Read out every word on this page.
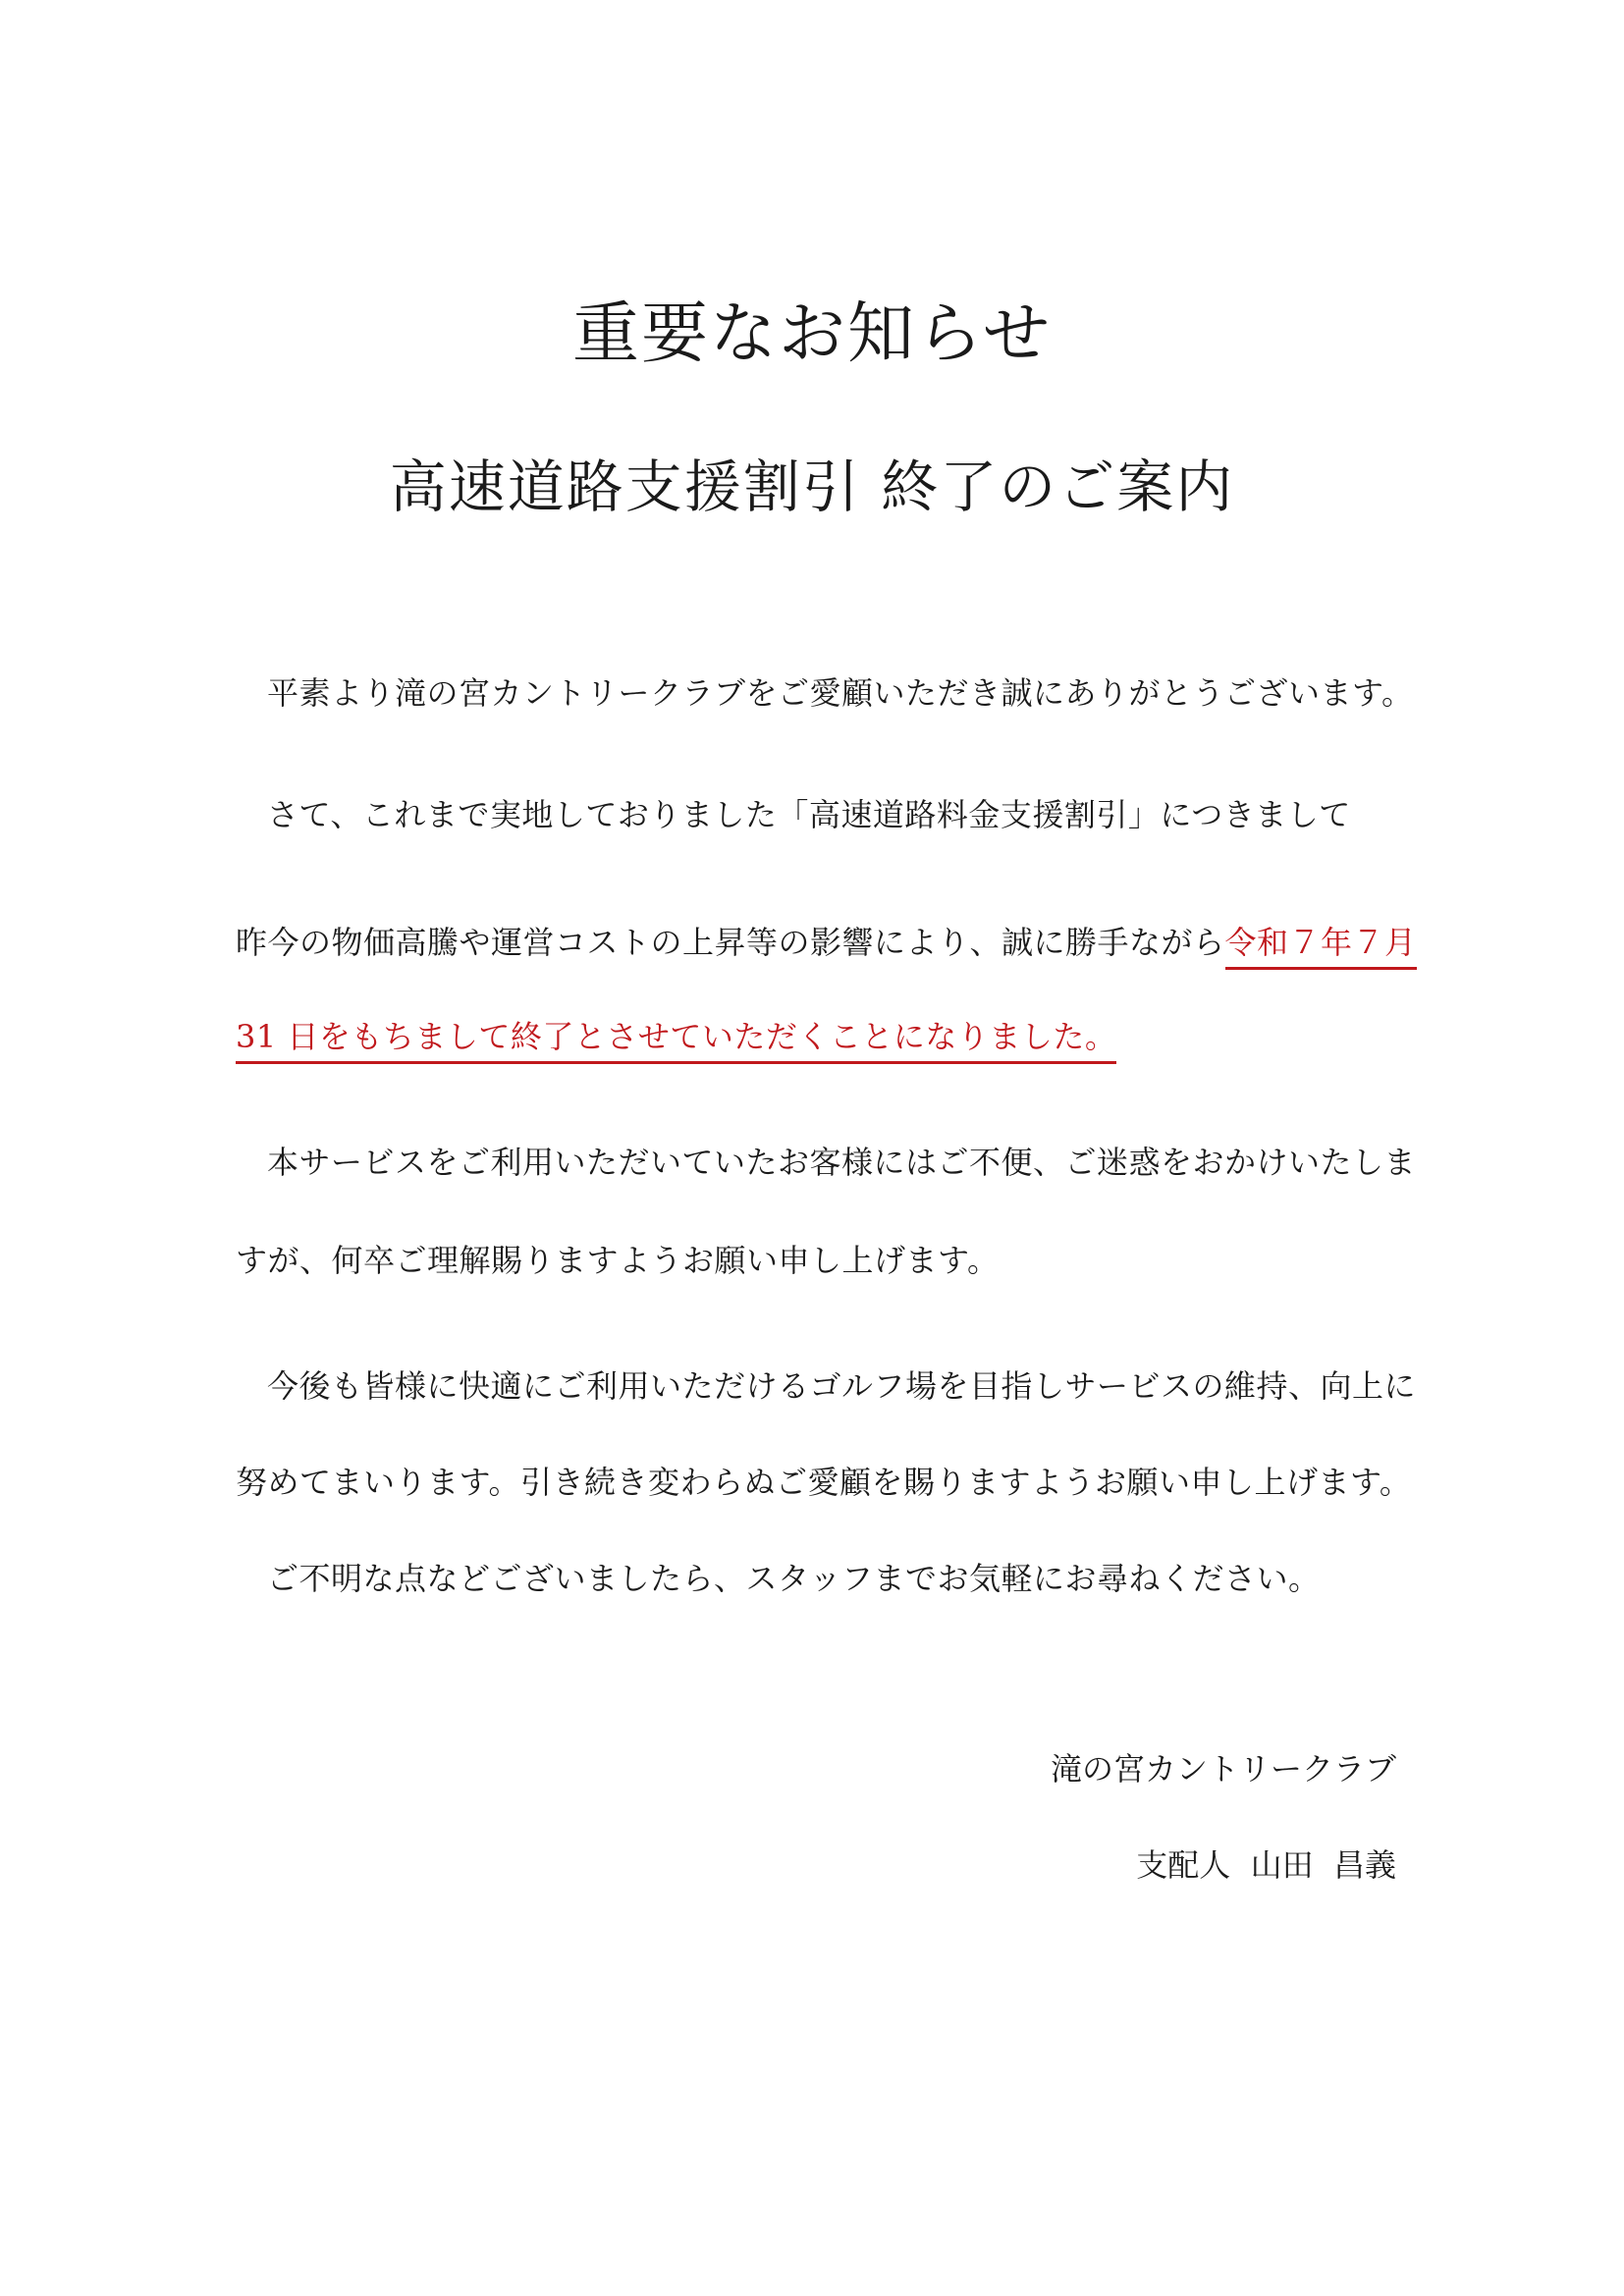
重要なお知らせ
高速道路支援割引 終了のご案内
平素より滝の宮カントリークラブをご愛顧いただき誠にありがとうございます。
さて、これまで実地しておりました「高速道路料金支援割引」につきまして
昨今の物価高騰や運営コストの上昇等の影響により、誠に勝手ながら令和７年７月
31 日をもちまして終了とさせていただくことになりました。
本サービスをご利用いただいていたお客様にはご不便、ご迷惑をおかけいたしま
すが、何卒ご理解賜りますようお願い申し上げます。
今後も皆様に快適にご利用いただけるゴルフ場を目指しサービスの維持、向上に
努めてまいります。引き続き変わらぬご愛顧を賜りますようお願い申し上げます。
ご不明な点などございましたら、スタッフまでお気軽にお尋ねください。
滝の宮カントリークラブ
支配人  山田  昌義
